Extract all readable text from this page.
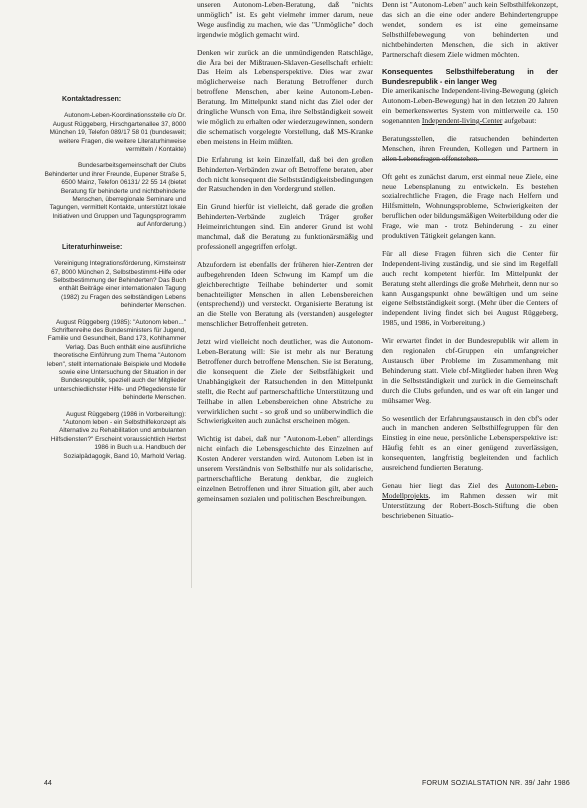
Kontaktadressen:

Autonom-Leben-Koordinationsstelle c/o Dr. August Rüggeberg, Hirschgartenallee 37, 8000 München 19, Telefon 089/17 58 01 (bundesweit; weitere Fragen, die weitere Literaturhinweise vermitteln / Kontakte)

Bundesarbeitsgemeinschaft der Clubs Behinderter und ihrer Freunde, Eupener Straße 5, 6500 Mainz, Telefon 06131/ 22 55 14 (bietet Beratung für behinderte und nichtbehinderte Menschen, überregionale Seminare und Tagungen, vermittelt Kontakte, unterstützt lokale Initiativen und Gruppen und Tagungsprogramm auf Anforderung.)

Literaturhinweise:

Vereinigung Integrationsförderung, Kirnsteinstr 67, 8000 München 2, Selbstbestimmt-Hilfe oder Selbstbestimmung der Behinderten? Das Buch enthält Beiträge einer internationalen Tagung (1982) zu Fragen des selbständigen Lebens behinderter Menschen.

August Rüggeberg (1985): "Autonom leben..." Schriftenreihe des Bundesministers für Jugend, Familie und Gesundheit, Band 173, Kohlhammer Verlag. Das Buch enthält eine ausführliche theoretische Einführung zum Thema "Autonom leben", stellt internationale Beispiele und Modelle sowie eine Untersuchung der Situation in der Bundesrepublik, speziell auch der Mitglieder unterschiedlichster Hilfe- und Pflegedienste für behinderte Menschen.

August Rüggeberg (1986 in Vorbereitung): "Autonom leben - ein Selbsthilfekonzept als Alternative zu Rehabilitation und ambulanten Hilfsdiensten?" Erscheint voraussichtlich Herbst 1986 in Buch u.a. Handbuch der Sozialpädagogik, Band 10, Marhold Verlag.

unseren Autonom-Leben-Beratung, daß "nichts unmöglich" ist. Es geht vielmehr immer darum, neue Wege ausfindig zu machen, wie das "Unmögliche" doch irgendwie möglich gemacht wird.

Denken wir zurück an die unmündigenden Ratschläge, die Ära bei der Mißtrauen-Sklaven-Gesellschaft erhielt: Das Heim als Lebensperspektive. Dies war zwar möglicherweise nach Beratung Betroffener durch betroffene Menschen, aber keine Autonom-Leben-Beratung. Im Mittelpunkt stand nicht das Ziel oder der dringliche Wunsch von Ema, ihre Selbständigkeit soweit wie möglich zu erhalten oder wiederzugewinnen, sondern die schematisch vorgelegte Vorstellung, daß MS-Kranke eben meistens in Heim müßten.

Die Erfahrung ist kein Einzelfall, daß bei den großen Behinderten-Verbänden zwar oft Betroffene beraten, aber doch nicht konsequent die Selbstständigkeitsbedingungen der Ratsuchenden in den Vordergrund stellen.

Ein Grund hierfür ist vielleicht, daß gerade die großen Behinderten-Verbände zugleich Träger großer Heimeinrichtungen sind. Ein anderer Grund ist wohl manchmal, daß die Beratung zu funktionärsmäßig und professionell angegriffen erfolgt.

Abzufordern ist ebenfalls der früheren hier-Zentren der aufbegehrenden Ideen Schwung im Kampf um die gleichberechtigte Teilhabe behinderter und somit benachteiligter Menschen in allen Lebensbereichen (entsprechend)) und versteckt. Organisierte Beratung ist an die Stelle von Beratung als (verstanden) ausgelegter menschlicher Betroffenheit getreten.

Jetzt wird vielleicht noch deutlicher, was die Autonom-Leben-Beratung will: Sie ist mehr als nur Beratung Betroffener durch betroffene Menschen. Sie ist Beratung, die konsequent die Ziele der Selbstfähigkeit und Unabhängigkeit der Ratsuchenden in den Mittelpunkt stellt, die Recht auf partnerschaftliche Unterstützung und Teilhabe in allen Lebensbereichen ohne Abstriche zu verwirklichen sucht - so groß und so unüberwindlich die Schwierigkeiten auch zunächst erscheinen mögen.

Wichtig ist dabei, daß nur "Autonom-Leben" allerdings nicht einfach die Lebensgeschichte des Einzelnen auf Kosten Anderer verstanden wird. Autonom Leben ist in unserem Verständnis von Selbsthilfe nur als solidarische, partnerschaftliche Beratung denkbar, die zugleich einzelnen Betroffenen und ihrer Situation gilt, aber auch gemeinsamen sozialen und politischen Beschreibungen.

Denn ist "Autonom-Leben" auch kein Selbsthilfekonzept, das sich an die eine oder andere Behindertengruppe wendet, sondern es ist eine gemeinsame Selbsthilfebewegung von behinderten und nichtbehinderten Menschen, die sich in aktiver Partnerschaft diesem Ziele widmen möchten.

Konsequentes Selbsthilfeberatung in der Bundesrepublik - ein langer Weg

Die amerikanische Independent-living-Bewegung (gleich Autonom-Leben-Bewegung) hat in den letzten 20 Jahren ein bemerkenswertes System von mittlerweile ca. 150 sogenannten Independent-living-Center aufgebaut:

Beratungsstellen, die ratsuchenden behinderten Menschen, ihren Freunden, Kollegen und Partnern in allen Lebensfragen offenstehen.

Oft geht es zunächst darum, erst einmal neue Ziele, eine neue Lebensplanung zu entwickeln. Es bestehen sozialrechtliche Fragen, die Frage nach Helfern und Hilfsmitteln, Wohnungsprobleme, Schwierigkeiten der beruflichen oder bildungsmäßigen Weiterbildung oder die Frage, wie man - trotz Behinderung - zu einer produktiven Tätigkeit gelangen kann.

Für all diese Fragen führen sich die Center für Independent-living zuständig, und sie sind im Regelfall auch recht kompetent hierfür. Im Mittelpunkt der Beratung steht allerdings die große Mehrheit, denn nur so kann Ausgangspunkt ohne bewältigen und um seine eigene Selbstständigkeit sorgt. (Mehr über die Centers of independent living findet sich bei August Rüggeberg, 1985, und 1986, in Vorbereitung.)

Wir erwartet findet in der Bundesrepublik wir allem in den regionalen cbf-Gruppen ein umfangreicher Austausch über Probleme im Zusammenhang mit Behinderung statt. Viele cbf-Mitglieder haben ihren Weg in die Selbstständigkeit und zurück in die Gemeinschaft durch die Clubs gefunden, und es war oft ein langer und mühsamer Weg.

So wesentlich der Erfahrungsaustausch in den cbf's oder auch in manchen anderen Selbsthilfegruppen für den Einstieg in eine neue, persönliche Lebensperspektive ist: Häufig fehlt es an einer genügend zuverlässigen, konsequenten, langfristig begleitenden und fachlich ausreichend fundierten Beratung.

Genau hier liegt das Ziel des Autonom-Leben-Modellprojekts, im Rahmen dessen wir mit Unterstützung der Robert-Bosch-Stiftung die oben beschriebenen Situatio-

44	FORUM SOZIALSTATION NR. 39/ Jahr 1986
